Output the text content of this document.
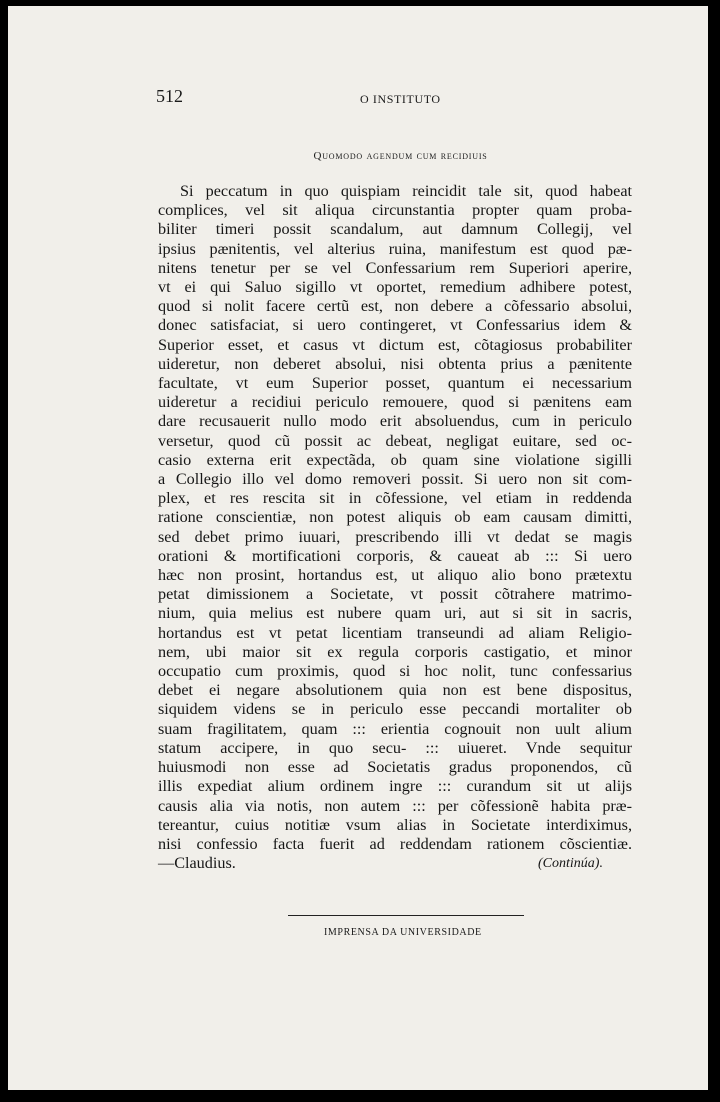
512	O INSTITUTO
Quomodo agendum cum recidiuis
Si peccatum in quo quispiam reincidit tale sit, quod habeat
complices, vel sit aliqua circunstantia propter quam proba-
biliter timeri possit scandalum, aut damnum Collegij, vel
ipsius pænitentis, vel alterius ruina, manifestum est quod pæ-
nitens tenetur per se vel Confessarium rem Superiori aperire,
vt ei qui Saluo sigillo vt oportet, remedium adhibere potest,
quod si nolit facere certũ est, non debere a cõfessario absolui,
donec satisfaciat, si uero contingeret, vt Confessarius idem &
Superior esset, et casus vt dictum est, cõtagiosus probabiliter
uideretur, non deberet absolui, nisi obtenta prius a pænitente
facultate, vt eum Superior posset, quantum ei necessarium
uideretur a recidiui periculo remouere, quod si pænitens eam
dare recusauerit nullo modo erit absoluendus, cum in periculo
versetur, quod cũ possit ac debeat, negligat euitare, sed oc-
casio externa erit expectãda, ob quam sine violatione sigilli
a Collegio illo vel domo removeri possit. Si uero non sit com-
plex, et res rescita sit in cõfessione, vel etiam in reddenda
ratione conscientiæ, non potest aliquis ob eam causam dimitti,
sed debet primo iuuari, prescribendo illi vt dedat se magis
orationi & mortificationi corporis, & caueat ab ::: Si uero
hæc non prosint, hortandus est, ut aliquo alio bono prætextu
petat dimissionem a Societate, vt possit cõtrahere matrimo-
nium, quia melius est nubere quam uri, aut si sit in sacris,
hortandus est vt petat licentiam transeundi ad aliam Religio-
nem, ubi maior sit ex regula corporis castigatio, et minor
occupatio cum proximis, quod si hoc nolit, tunc confessarius
debet ei negare absolutionem quia non est bene dispositus,
siquidem videns se in periculo esse peccandi mortaliter ob
suam fragilitatem, quam ::: erientia cognouit non uult alium
statum accipere, in quo secu- ::: uiueret. Vnde sequitur
huiusmodi non esse ad Societatis gradus proponendos, cũ
illis expediat alium ordinem ingre ::: curandum sit ut alijs
causis alia via notis, non autem ::: per cõfessionẽ habita præ-
tereantur, cuius notitiæ vsum alias in Societate interdiximus,
nisi confessio facta fuerit ad reddendam rationem cõscientiæ.
—Claudius.	(Continúa).
IMPRENSA DA UNIVERSIDADE
